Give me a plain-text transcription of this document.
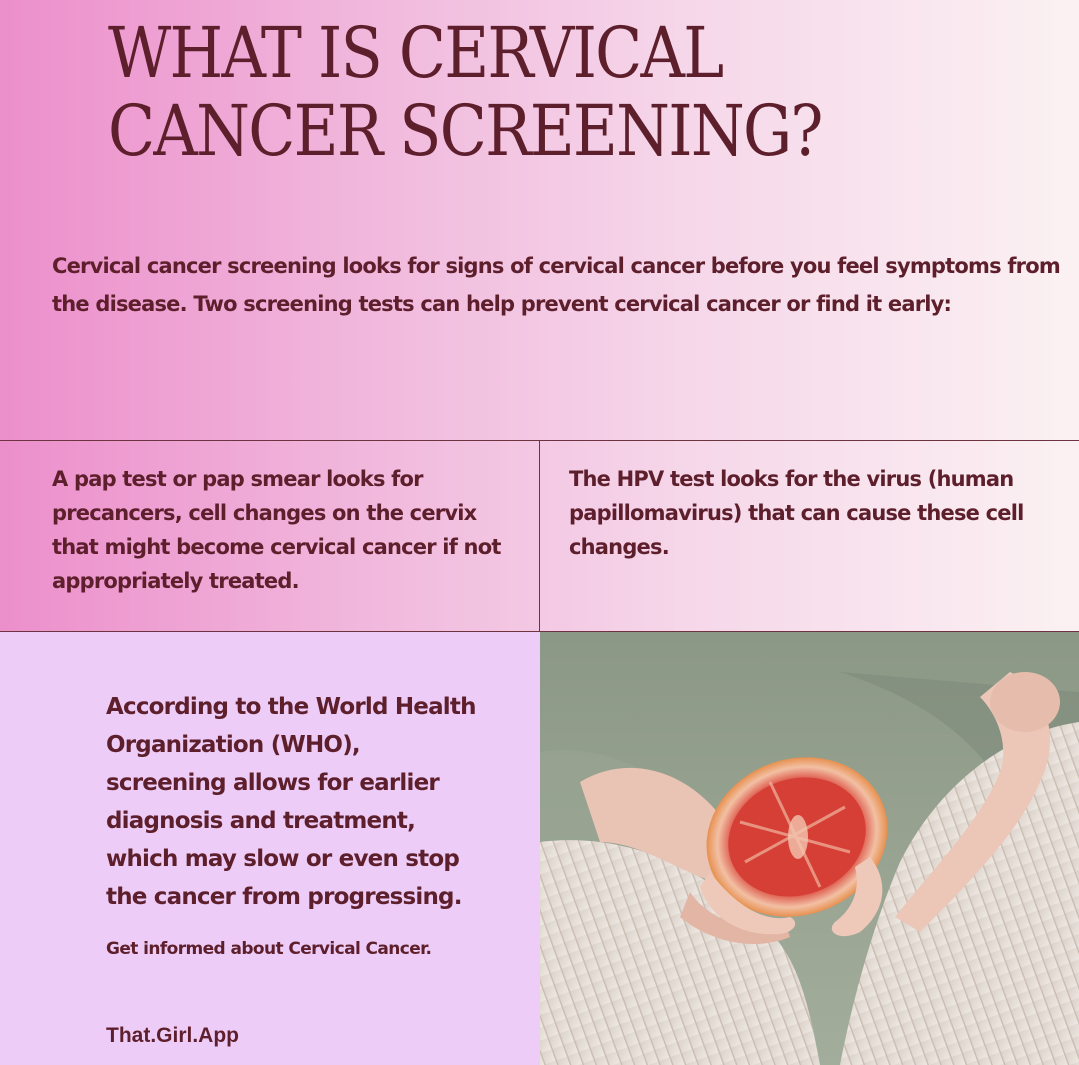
WHAT IS CERVICAL
CANCER SCREENING?

Cervical cancer screening looks for signs of cervical cancer before you feel symptoms from the disease. Two screening tests can help prevent cervical cancer or find it early:

A pap test or pap smear looks for precancers, cell changes on the cervix that might become cervical cancer if not appropriately treated.

The HPV test looks for the virus (human papillomavirus) that can cause these cell changes.

According to the World Health Organization (WHO), screening allows for earlier diagnosis and treatment, which may slow or even stop the cancer from progressing.

Get informed about Cervical Cancer.

That.Girl.App
